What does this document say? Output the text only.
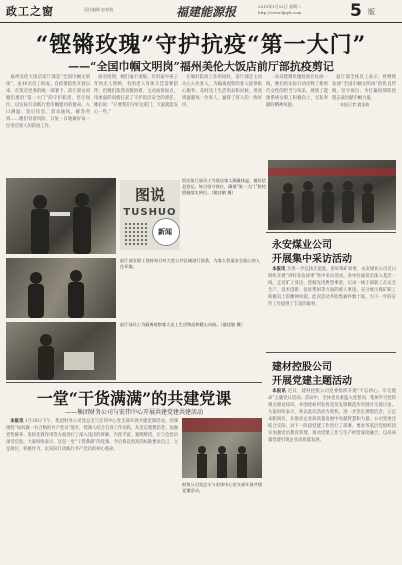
政工之窗	责任编辑 赵春霞	福建能源报	2015年1月12日 星期二
http://www.fjnyb.com	5 版
“铿锵玫瑰”守护抗疫“第一大门”
——“全国巾帼文明岗”福州美伦大饭店前厅部抗疫剪记

福州美伦大饭店前厅部是“全国巾帼文明岗”，由10名员工组成。自疫情防控开展以来，在饭店党委的统一部署下，前厅部女同胞们勇担“第一大门”的守护职责，坚守岗位，以实际行动践行着巾帼建功的使命。入口测温、登记信息、消杀通风、解答咨询……她们冒着风险，日复一日地做好每一位进店客人的防疫工作。

面对疫情，她们毫不退缩。有的家中孩子年幼无人照顾，有的老人身体欠佳需要陪伴，但她们依然克服困难，主动加班加点，用柔弱的肩膀扛起了守护饭店安全的重任。她们说：“只要我们守好这道门，大家就能安心一些。”

在做好防疫工作的同时，前厅部还主动关心入住客人，为隔离观察的客人提供贴心服务，及时送上生活用品和问候，用真情温暖每一位客人，赢得了客人的一致好评。

一朵朵铿锵玫瑰绽放在抗疫一线，她们用实际行动诠释了新时代女性的担当与风采，展现了能源系统女职工积极向上、无私奉献的精神风貌。

前厅部全体员工表示，将继续发扬“全国巾帼文明岗”的优良传统，坚守岗位，为打赢疫情防控阻击战贡献巾帼力量。

本报记者 翁佳敏
饭店前厅部员工为进店客人测量体温，做好信息登记。每日坚守岗位，确保“第一大门”防控措施落实到位。（翁佳敏 摄）
图说
TUSHUO
新闻
前厅部女职工坚持每日对大堂公共区域进行消杀，为客人营造安全放心的入住环境。
前厅部员工为隔离观察客人送上生活物品和暖心问候。（翁佳敏 摄）
永安煤业公司
开展集中采访活动

本报讯 为进一步弘扬正能量，讲好煤矿故事，永安煤业公司近日组织开展“讲好身边故事”集中采访活动。各单位通讯员深入基层一线，走近矿工身边，挖掘先进典型事迹，记录一线干部职工在安全生产、技术创新、扶贫帮困等方面的感人事迹，充分展示煤矿职工积极向上的精神风貌。此次活动共收集稿件数十篇，为下一步的宣传工作提供了丰富的素材。

建材控股公司
开展党建主题活动

本报讯 近日，建材控股公司党委组织开展“不忘初心、牢记使命”主题党日活动。活动中，全体党员重温入党誓词，集体学习党的相关理论知识，并围绕如何发挥党员先锋模范作用展开交流讨论。大家纷纷表示，将以此次活动为契机，进一步坚定理想信念，立足本职岗位，在推动企业高质量发展中贡献智慧和力量。公司党委还结合实际，对下一阶段党建工作进行了部署，要求各基层党组织切实加强党员教育管理，推动党建工作与生产经营深度融合，以高质量党建引领企业高质量发展。

一堂“干货满满”的共建党课
——集团财务公司与宏伟中心开展共建党建共建活动

本报讯 1月18日下午，集团财务公司党总支与宏伟中心党支部开展共建党课活动。党课围绕“如何做一名合格的共产党员”展开，授课人结合自身工作实践，从坚定理想信念、加强党性修养、发挥先锋作用等方面进行了深入浅出的讲解，内容丰富，案例鲜活，让与会党员深受启发。大家纷纷表示，这是一堂“干货满满”的党课，今后将以更高的标准要求自己，立足岗位，积极作为，以实际行动践行共产党员的初心使命。

财务公司党总支与宏伟中心党支部开展共建党课活动。
